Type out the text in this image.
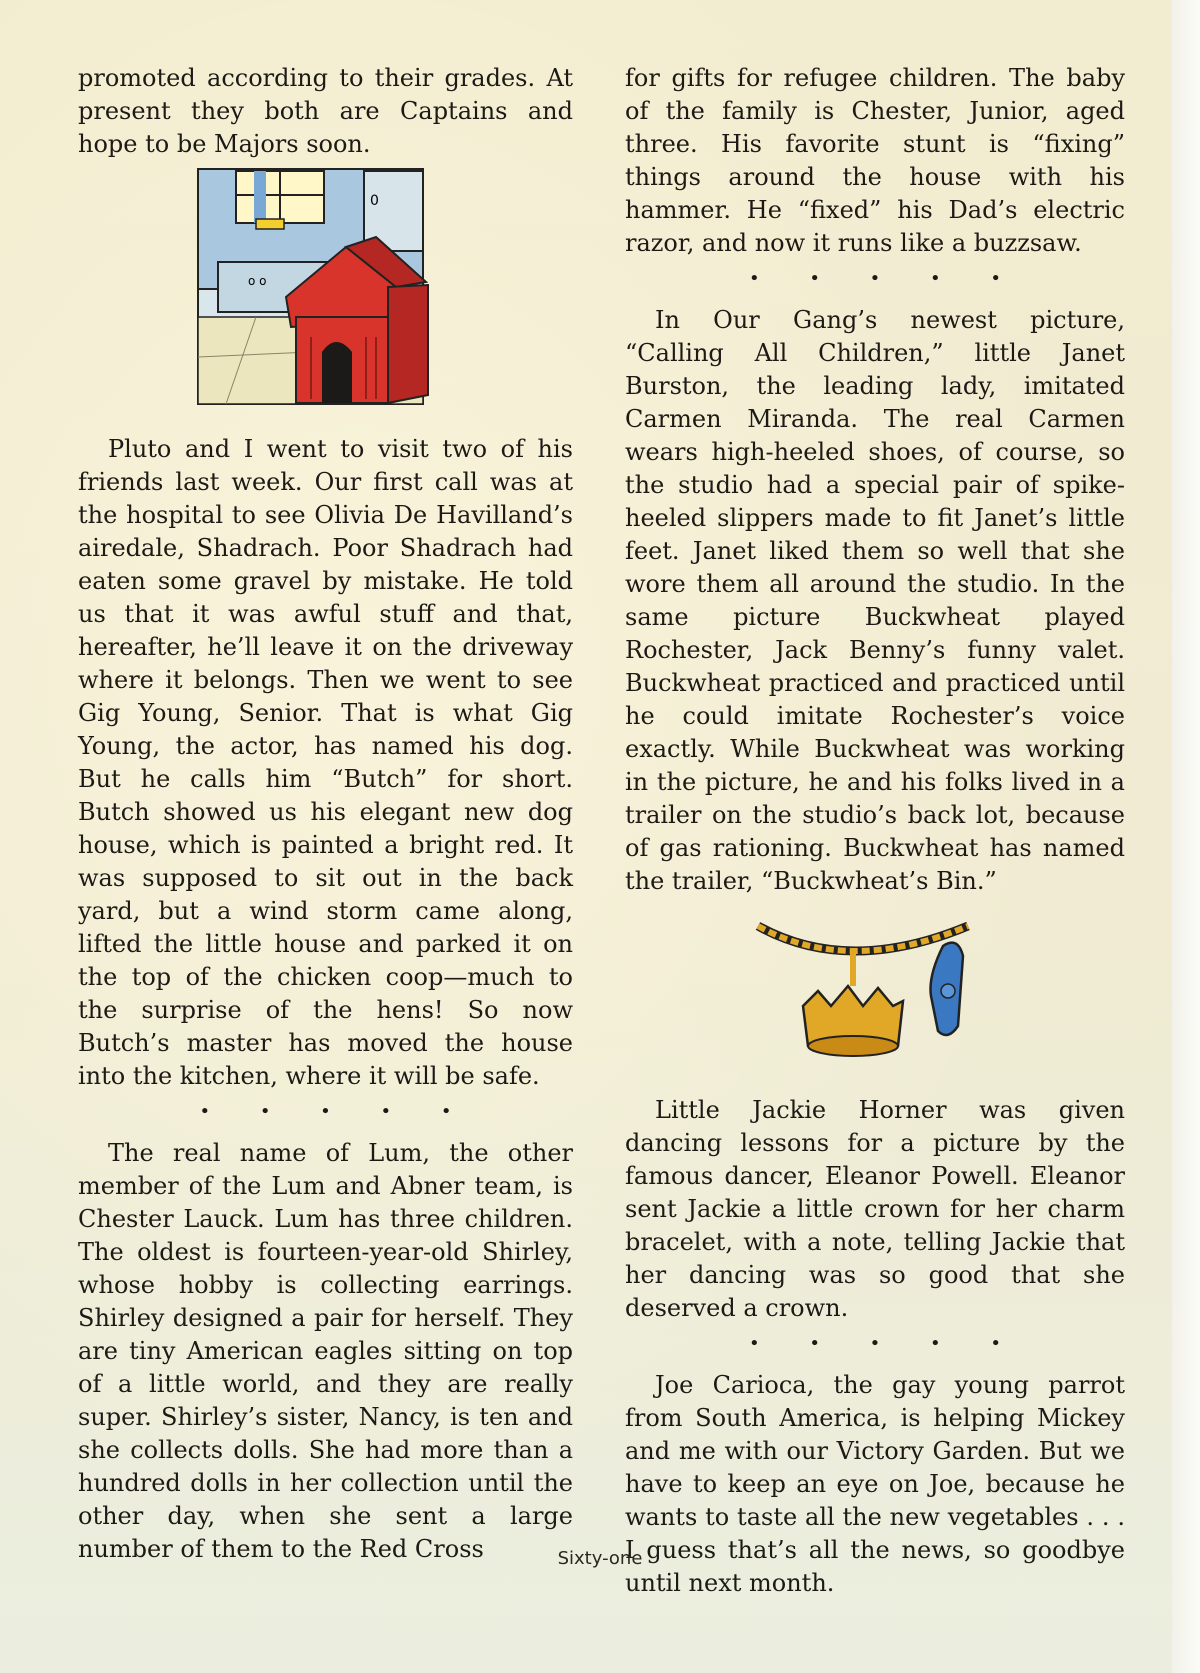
promoted according to their grades. At present they both are Captains and hope to be Majors soon.

0
o o

Pluto and I went to visit two of his friends last week. Our first call was at the hospital to see Olivia De Havilland’s airedale, Shadrach. Poor Shadrach had eaten some gravel by mistake. He told us that it was awful stuff and that, hereafter, he’ll leave it on the driveway where it belongs. Then we went to see Gig Young, Senior. That is what Gig Young, the actor, has named his dog. But he calls him “Butch” for short. Butch showed us his elegant new dog house, which is painted a bright red. It was supposed to sit out in the back yard, but a wind storm came along, lifted the little house and parked it on the top of the chicken coop—much to the surprise of the hens! So now Butch’s master has moved the house into the kitchen, where it will be safe.

• • • • •

The real name of Lum, the other member of the Lum and Abner team, is Chester Lauck. Lum has three children. The oldest is fourteen-year-old Shirley, whose hobby is collecting earrings. Shirley designed a pair for herself. They are tiny American eagles sitting on top of a little world, and they are really super. Shirley’s sister, Nancy, is ten and she collects dolls. She had more than a hundred dolls in her collection until the other day, when she sent a large number of them to the Red Cross

for gifts for refugee children. The baby of the family is Chester, Junior, aged three. His favorite stunt is “fixing” things around the house with his hammer. He “fixed” his Dad’s electric razor, and now it runs like a buzzsaw.

• • • • •

In Our Gang’s newest picture, “Calling All Children,” little Janet Burston, the leading lady, imitated Carmen Miranda. The real Carmen wears high-heeled shoes, of course, so the studio had a special pair of spike-heeled slippers made to fit Janet’s little feet. Janet liked them so well that she wore them all around the studio. In the same picture Buckwheat played Rochester, Jack Benny’s funny valet. Buckwheat practiced and practiced until he could imitate Rochester’s voice exactly. While Buckwheat was working in the picture, he and his folks lived in a trailer on the studio’s back lot, because of gas rationing. Buckwheat has named the trailer, “Buckwheat’s Bin.”

Little Jackie Horner was given dancing lessons for a picture by the famous dancer, Eleanor Powell. Eleanor sent Jackie a little crown for her charm bracelet, with a note, telling Jackie that her dancing was so good that she deserved a crown.

• • • • •

Joe Carioca, the gay young parrot from South America, is helping Mickey and me with our Victory Garden. But we have to keep an eye on Joe, because he wants to taste all the new vegetables . . . I guess that’s all the news, so goodbye until next month.

Sixty-one
